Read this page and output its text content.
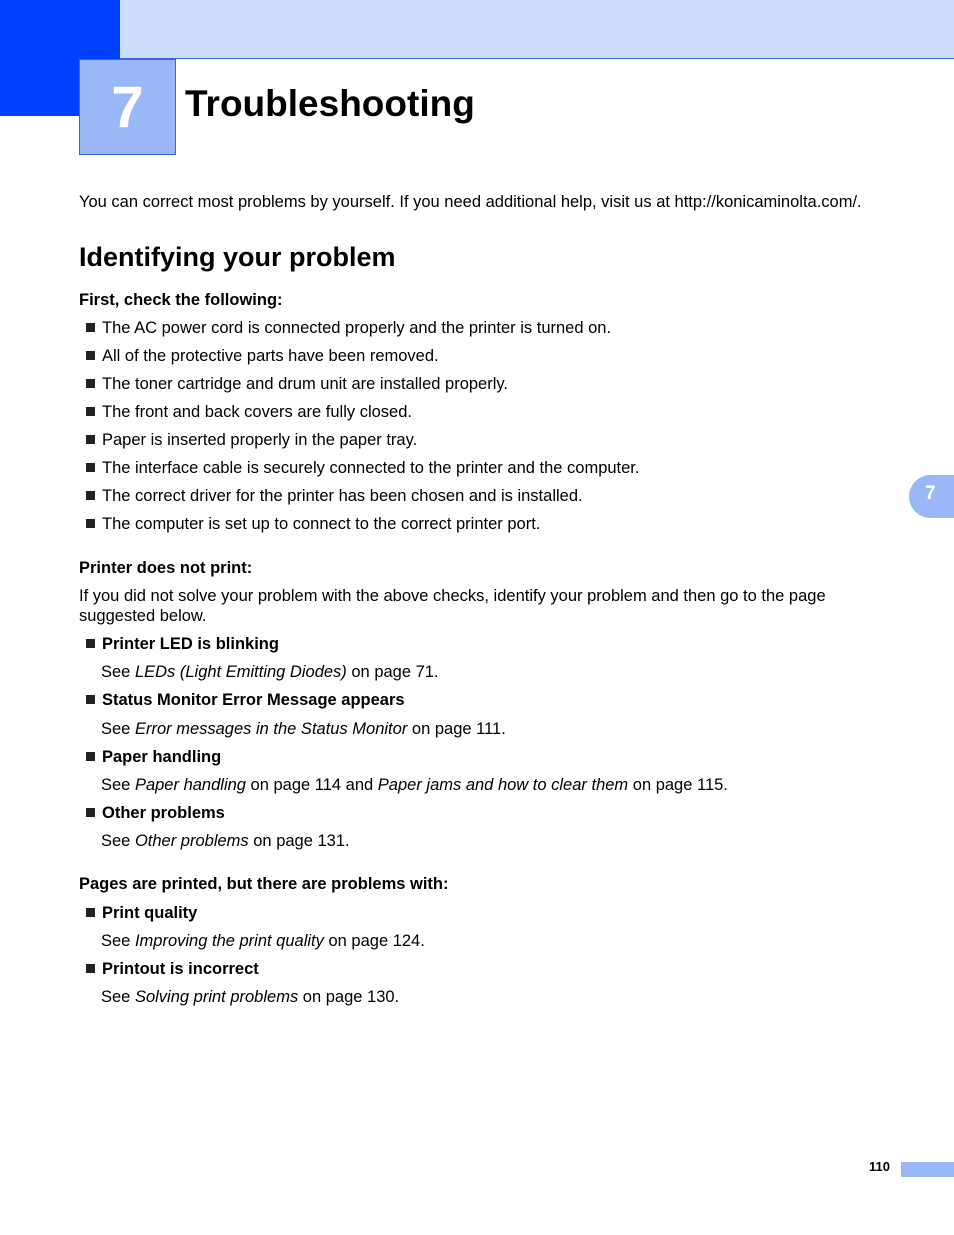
7	Troubleshooting
7

You can correct most problems by yourself. If you need additional help, visit us at http://konicaminolta.com/.

Identifying your problem

First, check the following:

The AC power cord is connected properly and the printer is turned on.

All of the protective parts have been removed.

The toner cartridge and drum unit are installed properly.

The front and back covers are fully closed.

Paper is inserted properly in the paper tray.

The interface cable is securely connected to the printer and the computer.

The correct driver for the printer has been chosen and is installed.

The computer is set up to connect to the correct printer port.

Printer does not print:

If you did not solve your problem with the above checks, identify your problem and then go to the page

suggested below.

Printer LED is blinking

See LEDs (Light Emitting Diodes) on page 71.

Status Monitor Error Message appears

See Error messages in the Status Monitor on page 111.

Paper handling

See Paper handling on page 114 and Paper jams and how to clear them on page 115.

Other problems

See Other problems on page 131.

Pages are printed, but there are problems with:

Print quality

See Improving the print quality on page 124.

Printout is incorrect

See Solving print problems on page 130.

110
